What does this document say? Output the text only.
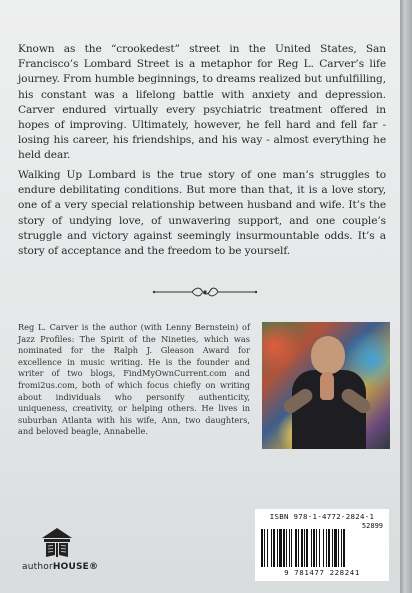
Known as the “crookedest” street in the United States, San Francisco’s Lombard Street is a metaphor for Reg L. Carver’s life journey. From humble beginnings, to dreams realized but unfulfilling, his constant was a lifelong battle with anxiety and depression. Carver endured virtually every psychiatric treatment offered in hopes of improving. Ultimately, however, he fell hard and fell far - losing his career, his friendships, and his way - almost everything he held dear.

Walking Up Lombard is the true story of one man’s struggles to endure debilitating conditions. But more than that, it is a love story, one of a very special relationship between husband and wife. It’s the story of undying love, of unwavering support, and one couple’s struggle and victory against seemingly insurmountable odds. It’s a story of acceptance and the freedom to be yourself.

Reg L. Carver is the author (with Lenny Bernstein) of Jazz Profiles: The Spirit of the Nineties, which was nominated for the Ralph J. Gleason Award for excellence in music writing. He is the founder and writer of two blogs, FindMyOwnCurrent.com and fromi2us.com, both of which focus chiefly on writing about individuals who personify authenticity, uniqueness, creativity, or helping others. He lives in suburban Atlanta with his wife, Ann, two daughters, and beloved beagle, Annabelle.
authorHOUSE®
ISBN 978-1-4772-2824-1
52899
9 781477 228241
